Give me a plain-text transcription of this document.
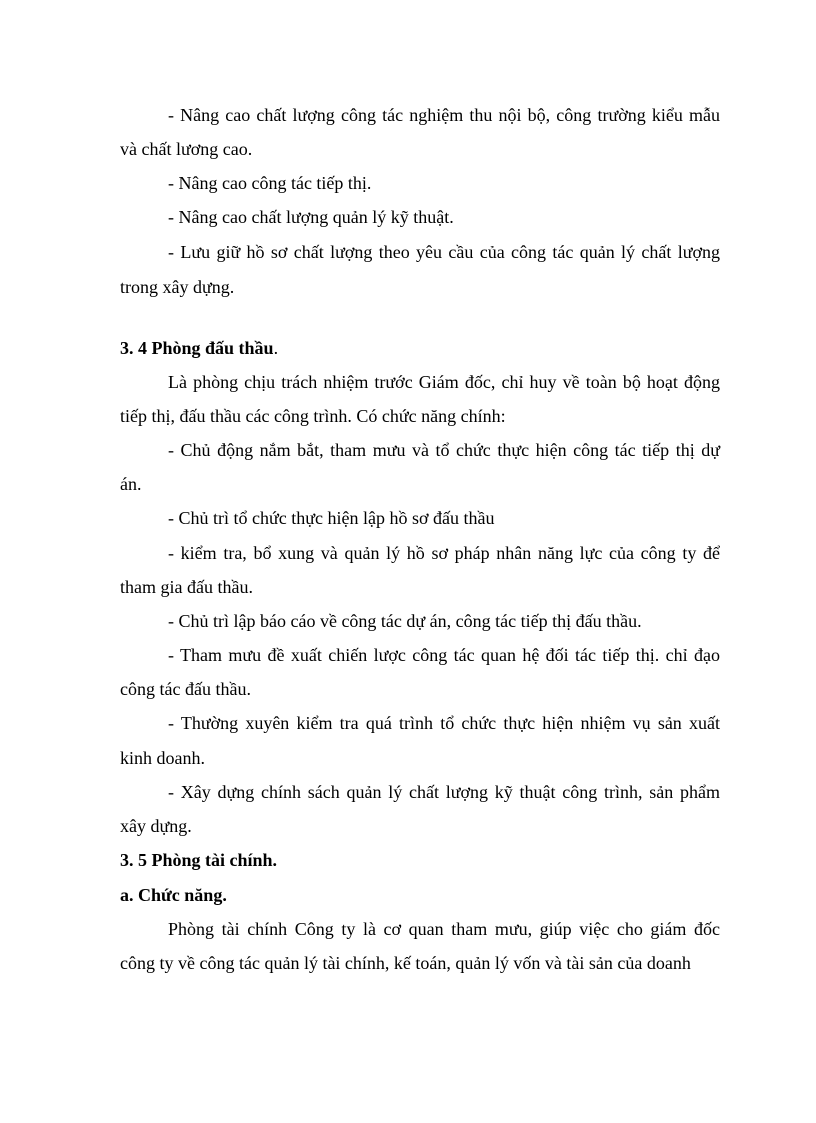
- Nâng cao chất lượng công tác nghiệm thu nội bộ, công trường kiểu mẫu
và chất lương cao.
- Nâng cao công tác tiếp thị.
- Nâng cao chất lượng quản lý kỹ thuật.
- Lưu giữ hồ sơ chất lượng theo yêu cầu của công tác quản lý chất lượng
trong xây dựng.
3. 4 Phòng đấu thầu.
Là phòng chịu trách nhiệm trước Giám đốc, chỉ huy về toàn bộ hoạt động
tiếp thị, đấu thầu các công trình. Có chức năng chính:
- Chủ động nắm bắt, tham mưu và tổ chức thực hiện công tác tiếp thị dự
án.
- Chủ trì tổ chức thực hiện lập hồ sơ đấu thầu
- kiểm tra, bổ xung và quản lý hồ sơ pháp nhân năng lực của công ty để
tham gia đấu thầu.
- Chủ trì lập báo cáo về công tác dự án, công tác tiếp thị đấu thầu.
- Tham mưu đề xuất chiến lược công tác quan hệ đối tác tiếp thị. chỉ đạo
công tác đấu thầu.
- Thường xuyên kiểm tra quá trình tổ chức thực hiện nhiệm vụ sản xuất
kinh doanh.
- Xây dựng chính sách quản lý chất lượng kỹ thuật công trình, sản phẩm
xây dựng.
3. 5 Phòng tài chính.
a. Chức năng.
Phòng tài chính Công ty là cơ quan tham mưu, giúp việc cho giám đốc
công ty về công tác quản lý tài chính, kế toán, quản lý vốn và tài sản của doanh
